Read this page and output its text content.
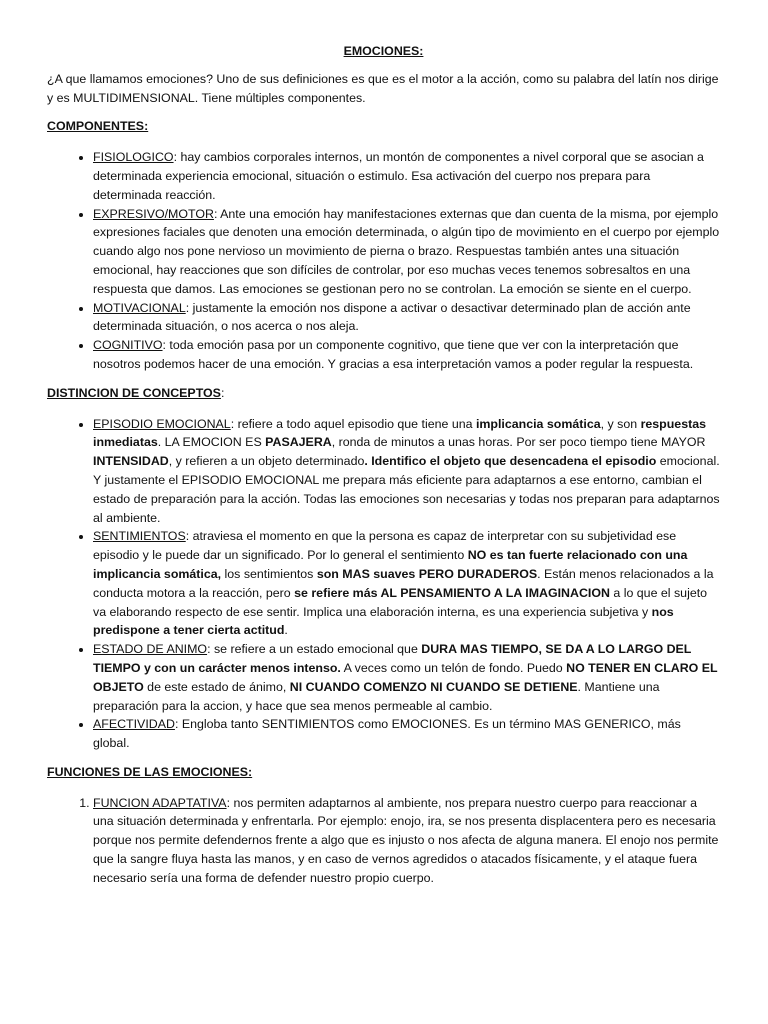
EMOCIONES:

¿A que llamamos emociones? Uno de sus definiciones es que es el motor a la acción, como su palabra del latín nos dirige y es MULTIDIMENSIONAL. Tiene múltiples componentes.

COMPONENTES:

• FISIOLOGICO: hay cambios corporales internos, un montón de componentes a nivel corporal que se asocian a determinada experiencia emocional, situación o estimulo. Esa activación del cuerpo nos prepara para determinada reacción.
• EXPRESIVO/MOTOR: Ante una emoción hay manifestaciones externas que dan cuenta de la misma, por ejemplo expresiones faciales que denoten una emoción determinada, o algún tipo de movimiento en el cuerpo por ejemplo cuando algo nos pone nervioso un movimiento de pierna o brazo. Respuestas también antes una situación emocional, hay reacciones que son difíciles de controlar, por eso muchas veces tenemos sobresaltos en una respuesta que damos. Las emociones se gestionan pero no se controlan. La emoción se siente en el cuerpo.
• MOTIVACIONAL: justamente la emoción nos dispone a activar o desactivar determinado plan de acción ante determinada situación, o nos acerca o nos aleja.
• COGNITIVO: toda emoción pasa por un componente cognitivo, que tiene que ver con la interpretación que nosotros podemos hacer de una emoción. Y gracias a esa interpretación vamos a poder regular la respuesta.

DISTINCION DE CONCEPTOS:

• EPISODIO EMOCIONAL: refiere a todo aquel episodio que tiene una implicancia somática, y son respuestas inmediatas. LA EMOCION ES PASAJERA, ronda de minutos a unas horas. Por ser poco tiempo tiene MAYOR INTENSIDAD, y refieren a un objeto determinado. Identifico el objeto que desencadena el episodio emocional. Y justamente el EPISODIO EMOCIONAL me prepara más eficiente para adaptarnos a ese entorno, cambian el estado de preparación para la acción. Todas las emociones son necesarias y todas nos preparan para adaptarnos al ambiente.
• SENTIMIENTOS: atraviesa el momento en que la persona es capaz de interpretar con su subjetividad ese episodio y le puede dar un significado. Por lo general el sentimiento NO es tan fuerte relacionado con una implicancia somática, los sentimientos son MAS suaves PERO DURADEROS. Están menos relacionados a la conducta motora a la reacción, pero se refiere más AL PENSAMIENTO A LA IMAGINACION a lo que el sujeto va elaborando respecto de ese sentir. Implica una elaboración interna, es una experiencia subjetiva y nos predispone a tener cierta actitud.
• ESTADO DE ANIMO: se refiere a un estado emocional que DURA MAS TIEMPO, SE DA A LO LARGO DEL TIEMPO y con un carácter menos intenso. A veces como un telón de fondo. Puedo NO TENER EN CLARO EL OBJETO de este estado de ánimo, NI CUANDO COMENZO NI CUANDO SE DETIENE. Mantiene una preparación para la accion, y hace que sea menos permeable al cambio.
• AFECTIVIDAD: Engloba tanto SENTIMIENTOS como EMOCIONES. Es un término MAS GENERICO, más global.

FUNCIONES DE LAS EMOCIONES:

1. FUNCION ADAPTATIVA: nos permiten adaptarnos al ambiente, nos prepara nuestro cuerpo para reaccionar a una situación determinada y enfrentarla. Por ejemplo: enojo, ira, se nos presenta displacentera pero es necesaria porque nos permite defendernos frente a algo que es injusto o nos afecta de alguna manera. El enojo nos permite que la sangre fluya hasta las manos, y en caso de vernos agredidos o atacados físicamente, y el ataque fuera necesario sería una forma de defender nuestro propio cuerpo.
